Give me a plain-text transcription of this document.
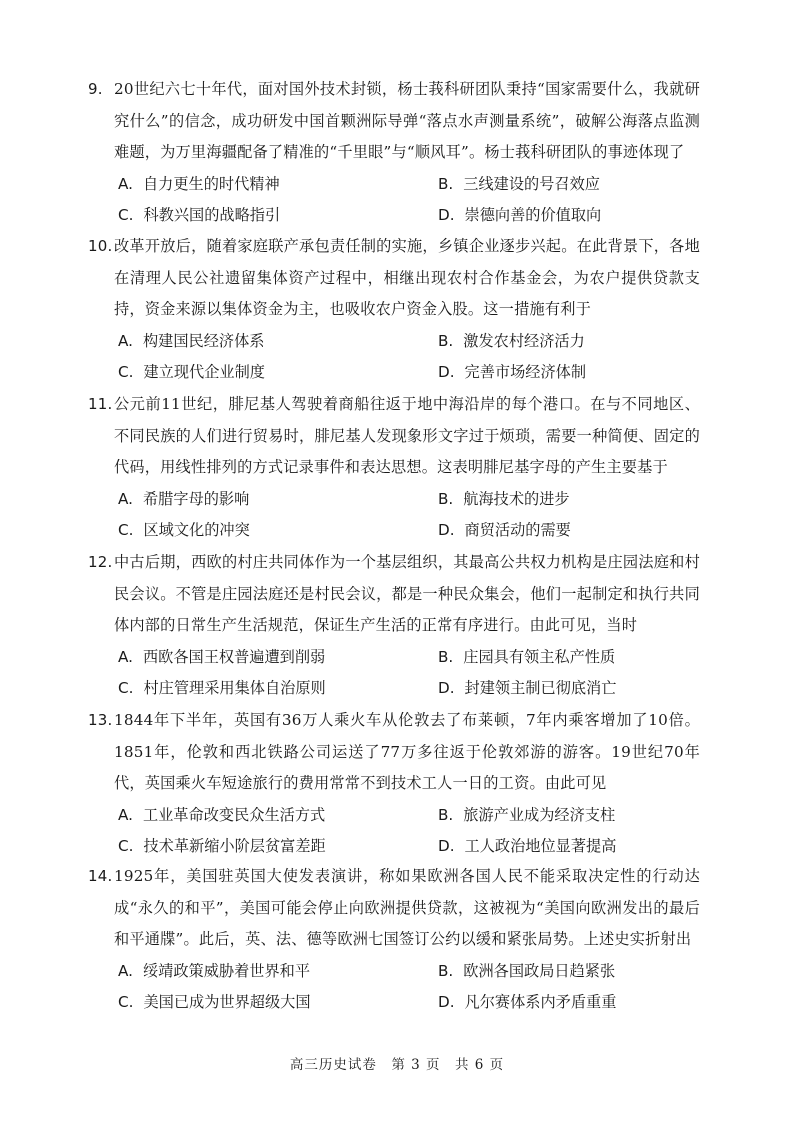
9. 20世纪六七十年代，面对国外技术封锁，杨士莪科研团队秉持“国家需要什么，我就研究什么”的信念，成功研发中国首颗洲际导弹“落点水声测量系统”，破解公海落点监测难题，为万里海疆配备了精准的“千里眼”与“顺风耳”。杨士莪科研团队的事迹体现了
A. 自力更生的时代精神	B. 三线建设的号召效应
C. 科教兴国的战略指引	D. 崇德向善的价值取向
10. 改革开放后，随着家庭联产承包责任制的实施，乡镇企业逐步兴起。在此背景下，各地在清理人民公社遗留集体资产过程中，相继出现农村合作基金会，为农户提供贷款支持，资金来源以集体资金为主，也吸收农户资金入股。这一措施有利于
A. 构建国民经济体系	B. 激发农村经济活力
C. 建立现代企业制度	D. 完善市场经济体制
11. 公元前11世纪，腓尼基人驾驶着商船往返于地中海沿岸的每个港口。在与不同地区、不同民族的人们进行贸易时，腓尼基人发现象形文字过于烦琐，需要一种简便、固定的代码，用线性排列的方式记录事件和表达思想。这表明腓尼基字母的产生主要基于
A. 希腊字母的影响	B. 航海技术的进步
C. 区域文化的冲突	D. 商贸活动的需要
12. 中古后期，西欧的村庄共同体作为一个基层组织，其最高公共权力机构是庄园法庭和村民会议。不管是庄园法庭还是村民会议，都是一种民众集会，他们一起制定和执行共同体内部的日常生产生活规范，保证生产生活的正常有序进行。由此可见，当时
A. 西欧各国王权普遍遭到削弱	B. 庄园具有领主私产性质
C. 村庄管理采用集体自治原则	D. 封建领主制已彻底消亡
13. 1844年下半年，英国有36万人乘火车从伦敦去了布莱顿，7年内乘客增加了10倍。1851年，伦敦和西北铁路公司运送了77万多往返于伦敦郊游的游客。19世纪70年代，英国乘火车短途旅行的费用常常不到技术工人一日的工资。由此可见
A. 工业革命改变民众生活方式	B. 旅游产业成为经济支柱
C. 技术革新缩小阶层贫富差距	D. 工人政治地位显著提高
14. 1925年，美国驻英国大使发表演讲，称如果欧洲各国人民不能采取决定性的行动达成“永久的和平”，美国可能会停止向欧洲提供贷款，这被视为“美国向欧洲发出的最后和平通牒”。此后，英、法、德等欧洲七国签订公约以缓和紧张局势。上述史实折射出
A. 绥靖政策威胁着世界和平	B. 欧洲各国政局日趋紧张
C. 美国已成为世界超级大国	D. 凡尔赛体系内矛盾重重
高三历史试卷　第 3 页　共 6 页
